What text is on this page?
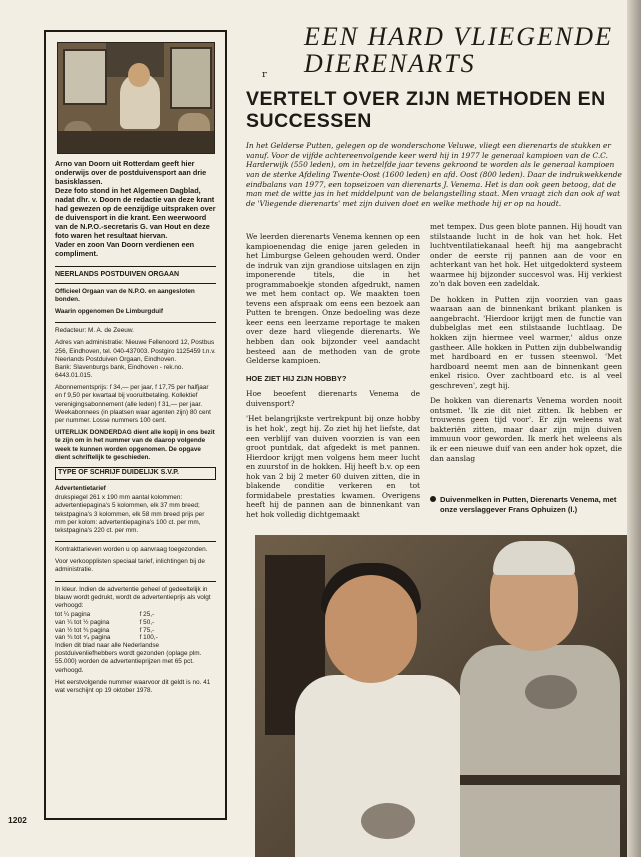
Arno van Doorn uit Rotterdam geeft hier onderwijs over de postduivensport aan drie basisklassen.

Deze foto stond in het Algemeen Dagblad, nadat dhr. v. Doorn de redactie van deze krant had gewezen op de eenzijdige uitspraken over de duivensport in die krant. Een weerwoord van de N.P.O.-secretaris G. van Hout en deze foto waren het resultaat hiervan.

Vader en zoon Van Doorn verdienen een compliment.

NEERLANDS POSTDUIVEN ORGAAN

Officieel Orgaan van de N.P.O. en aangesloten bonden.

Waarin opgenomen De Limburgduif

Redacteur: M. A. de Zeeuw.

Adres van administratie: Nieuwe Fellenoord 12, Postbus 256, Eindhoven, tel. 040-437003. Postgiro 1125459 t.n.v. Neerlands Postduiven Orgaan, Eindhoven.

Bank: Slavenburgs bank, Eindhoven - rek.no. 6443.01.015.

Abonnementsprijs: f 34,— per jaar, f 17,75 per halfjaar en f 9,50 per kwartaal bij vooruitbetaling. Kollektief verenigingsabonnement (alle leden) f 31,— per jaar. Weekabonnees (in plaatsen waar agenten zijn) 80 cent per nummer. Losse nummers 100 cent.

UITERLIJK DONDERDAG dient alle kopij in ons bezit te zijn om in het nummer van de daarop volgende week te kunnen worden opgenomen. De opgave dient schriftelijk te geschieden.

TYPE OF SCHRIJF DUIDELIJK S.V.P.

Advertentietarief

drukspiegel 261 x 190 mm aantal kolommen: advertentiepagina's 5 kolommen, elk 37 mm breed; tekstpagina's 3 kolommen, elk 58 mm breed prijs per mm per kolom: advertentiepagina's 100 ct. per mm, tekstpagina's 220 ct. per mm.

Kontrakttarieven worden u op aanvraag toegezonden.

Voor verkoopplisten speciaal tarief, inlichtingen bij de administratie.

In kleur. Indien de advertentie geheel of gedeeltelijk in blauw wordt gedrukt, wordt de advertentieprijs als volgt verhoogd:

tot ¼ pagina	f 25,-
van ¼ tot ½ pagina	f 50,-
van ½ tot ¾ pagina	f 75,-
van ¾ tot ⁴⁄₄ pagina	f 100,-

Indien dit blad naar alle Nederlandse postduivenliefhebbers wordt gezonden (oplage plm. 55.000) worden de advertentieprijzen met 65 pct. verhoogd.

Het eerstvolgende nummer waarvoor dit geldt is no. 41 wat verschijnt op 19 oktober 1978.

1202
EEN HARD VLIEGENDE
DIERENARTS
ᵣ
VERTELT OVER ZIJN METHODEN EN
SUCCESSEN
In het Gelderse Putten, gelegen op de wonderschone Veluwe, vliegt een dierenarts de stukken er vanuf. Voor de vijfde achtereenvolgende keer werd hij in 1977 le generaal kampioen van de C.C. Harderwijk (550 leden), om in hetzelfde jaar tevens gekroond te worden als le generaal kampioen van de sterke Afdeling Twente-Oost (1600 leden) en afd. Oost (800 leden). Daar de indrukwekkende eindbalans van 1977, een topseizoen van dierenarts J. Venema. Het is dan ook geen betoog, dat de man met de witte jas in het middelpunt van de belangstelling staat. Men vraagt zich dan ook af wat de 'Vliegende dierenarts' met zijn duiven doet en welke methode hij er op na houdt.

We leerden dierenarts Venema kennen op een kampioenendag die enige jaren geleden in het Limburgse Geleen gehouden werd. Onder de indruk van zijn grandiose uitslagen en zijn imponerende titels, die in het programmaboekje stonden afgedrukt, namen we met hem contact op. We maakten toen tevens een afspraak om eens een bezoek aan Putten te brengen. Onze bedoeling was deze keer eens een leerzame reportage te maken over deze hard vliegende dierenarts. We hebben dan ook bijzonder veel aandacht besteed aan de methoden van de grote Gelderse kampioen.

HOE ZIET HIJ ZIJN HOBBY?

Hoe beoefent dierenarts Venema de duivensport?

'Het belangrijkste vertrekpunt bij onze hobby is het hok', zegt hij. Zo ziet hij het liefste, dat een verblijf van duiven voorzien is van een groot puntdak, dat afgedekt is met pannen. Hierdoor krijgt men volgens hem meer lucht en zuurstof in de hokken. Hij heeft b.v. op een hok van 2 bij 2 meter 60 duiven zitten, die in blakende conditie verkeren en tot formidabele prestaties kwamen. Overigens heeft hij de pannen aan de binnenkant van het hok volledig dichtgemaakt

met tempex. Dus geen blote pannen. Hij houdt van stilstaande lucht in de hok van het hok. Het luchtventilatiekanaal heeft hij ma aangebracht onder de eerste rij pannen aan de voor en achterkant van het hok. Het uitgedokterd systeem waarmee hij bijzonder succesvol was. Hij verkiest zo'n dak boven een zadeldak.

De hokken in Putten zijn voorzien van gaas waaraan aan de binnenkant brikant planken is aangebracht. 'Hierdoor krijgt men de functie van dubbelglas met een stilstaande luchtlaag. De hokken zijn hiermee veel warmer,' aldus onze gastheer. Alle hokken in Putten zijn dubbelwandig met hardboard en er tussen steenwol. 'Met hardboard neemt men aan de binnenkant geen enkel risico. Over zachtboard etc. is al veel geschreven', zegt hij.

De hokken van dierenarts Venema worden nooit ontsmet. 'Ik zie dit niet zitten. Ik hebben er trouwens geen tijd voor'. Er zijn weleens wat bakteriën zitten, maar daar zijn mijn duiven immuun voor geworden. Ik merk het weleens als ik er een nieuwe duif van een ander hok opzet, die dan aanslag

Duivenmelken in Putten, Dierenarts Venema, met onze verslaggever Frans Ophuizen (l.)
